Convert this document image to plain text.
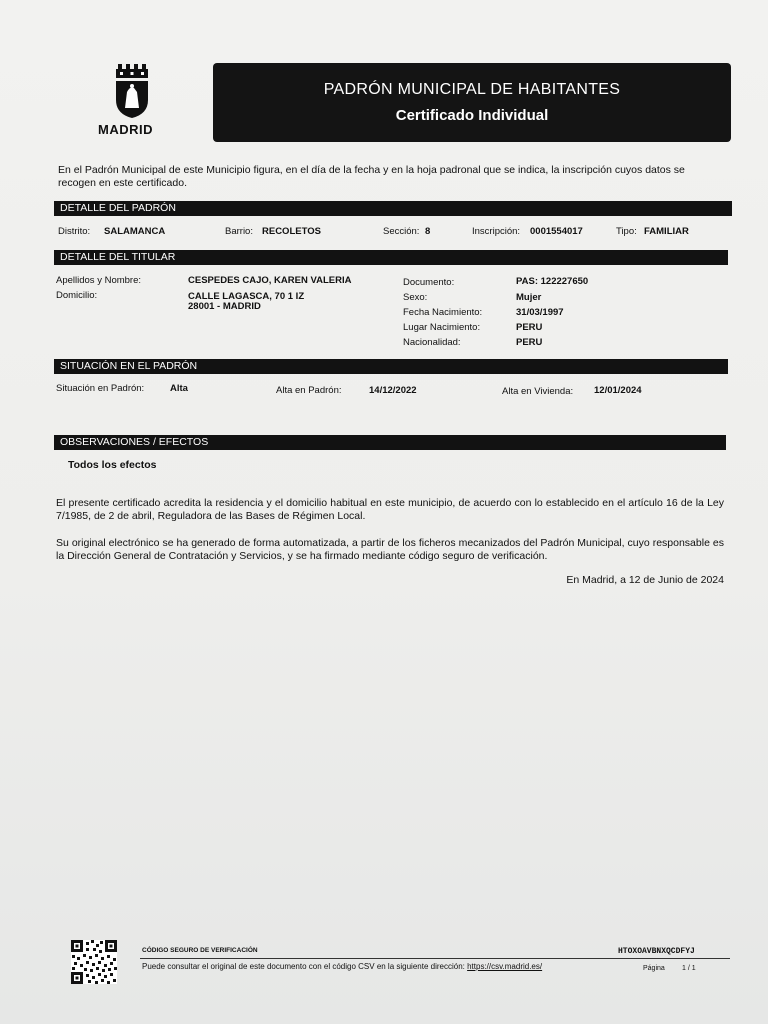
MADRID
PADRÓN MUNICIPAL DE HABITANTES
Certificado Individual
En el Padrón Municipal de este Municipio figura, en el día de la fecha y en la hoja padronal que se indica, la inscripción cuyos datos se recogen en este certificado.
DETALLE DEL PADRÓN
Distrito: SALAMANCA	Barrio: RECOLETOS	Sección: 8	Inscripción: 0001554017	Tipo: FAMILIAR
DETALLE DEL TITULAR
Apellidos y Nombre:	CESPEDES CAJO, KAREN VALERIA
Domicilio:	CALLE LAGASCA, 70 1 IZ
28001 - MADRID
Documento:	PAS: 122227650
Sexo:	Mujer
Fecha Nacimiento:	31/03/1997
Lugar Nacimiento:	PERU
Nacionalidad:	PERU
SITUACIÓN EN EL PADRÓN
Situación en Padrón:	Alta	Alta en Padrón:	14/12/2022	Alta en Vivienda: 12/01/2024
OBSERVACIONES / EFECTOS
Todos los efectos
El presente certificado acredita la residencia y el domicilio habitual en este municipio, de acuerdo con lo establecido en el artículo 16 de la Ley 7/1985, de 2 de abril, Reguladora de las Bases de Régimen Local.
Su original electrónico se ha generado de forma automatizada, a partir de los ficheros mecanizados del Padrón Municipal, cuyo responsable es la Dirección General de Contratación y Servicios, y se ha firmado mediante código seguro de verificación.
En Madrid, a 12 de Junio de 2024
CÓDIGO SEGURO DE VERIFICACIÓN	HTOXOAVBNXQCDFYJ
Puede consultar el original de este documento con el código CSV en la siguiente dirección: https://csv.madrid.es/	Página 1 / 1
